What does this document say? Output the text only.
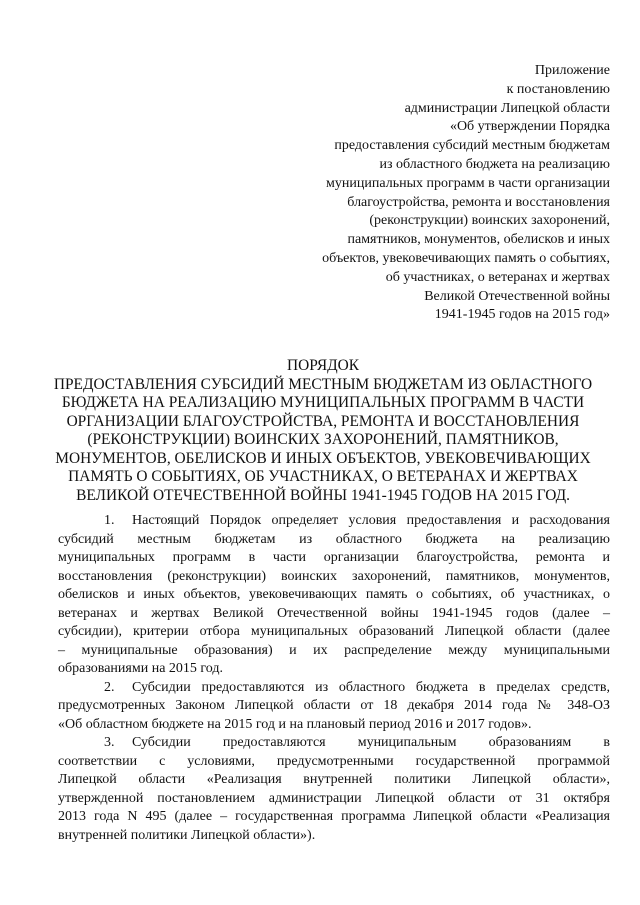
Приложение
к постановлению
администрации Липецкой области
«Об утверждении Порядка
предоставления субсидий местным бюджетам
из областного бюджета на реализацию
муниципальных программ в части организации
благоустройства, ремонта и восстановления
(реконструкции) воинских захоронений,
памятников, монументов, обелисков и иных
объектов, увековечивающих память о событиях,
об участниках, о ветеранах и жертвах
Великой Отечественной войны
1941-1945 годов на 2015 год»
ПОРЯДОК
ПРЕДОСТАВЛЕНИЯ СУБСИДИЙ МЕСТНЫМ БЮДЖЕТАМ ИЗ ОБЛАСТНОГО
БЮДЖЕТА НА РЕАЛИЗАЦИЮ МУНИЦИПАЛЬНЫХ ПРОГРАММ В ЧАСТИ
ОРГАНИЗАЦИИ БЛАГОУСТРОЙСТВА, РЕМОНТА И ВОССТАНОВЛЕНИЯ
(РЕКОНСТРУКЦИИ) ВОИНСКИХ ЗАХОРОНЕНИЙ, ПАМЯТНИКОВ,
МОНУМЕНТОВ, ОБЕЛИСКОВ И ИНЫХ ОБЪЕКТОВ, УВЕКОВЕЧИВАЮЩИХ
ПАМЯТЬ О СОБЫТИЯХ, ОБ УЧАСТНИКАХ, О ВЕТЕРАНАХ И ЖЕРТВАХ
ВЕЛИКОЙ ОТЕЧЕСТВЕННОЙ ВОЙНЫ 1941-1945 ГОДОВ НА 2015 ГОД.
1. Настоящий Порядок определяет условия предоставления и расходования
субсидий местным бюджетам из областного бюджета на реализацию
муниципальных программ в части организации благоустройства, ремонта и
восстановления (реконструкции) воинских захоронений, памятников, монументов,
обелисков и иных объектов, увековечивающих память о событиях, об участниках, о
ветеранах и жертвах Великой Отечественной войны 1941-1945 годов (далее –
субсидии), критерии отбора муниципальных образований Липецкой области (далее
– муниципальные образования) и их распределение между муниципальными
образованиями на 2015 год.
2. Субсидии предоставляются из областного бюджета в пределах средств,
предусмотренных Законом Липецкой области от 18 декабря 2014 года № 348-ОЗ
«Об областном бюджете на 2015 год и на плановый период 2016 и 2017 годов».
3. Субсидии предоставляются муниципальным образованиям в
соответствии с условиями, предусмотренными государственной программой
Липецкой области «Реализация внутренней политики Липецкой области»,
утвержденной постановлением администрации Липецкой области от 31 октября
2013 года N 495 (далее – государственная программа Липецкой области «Реализация
внутренней политики Липецкой области»).
